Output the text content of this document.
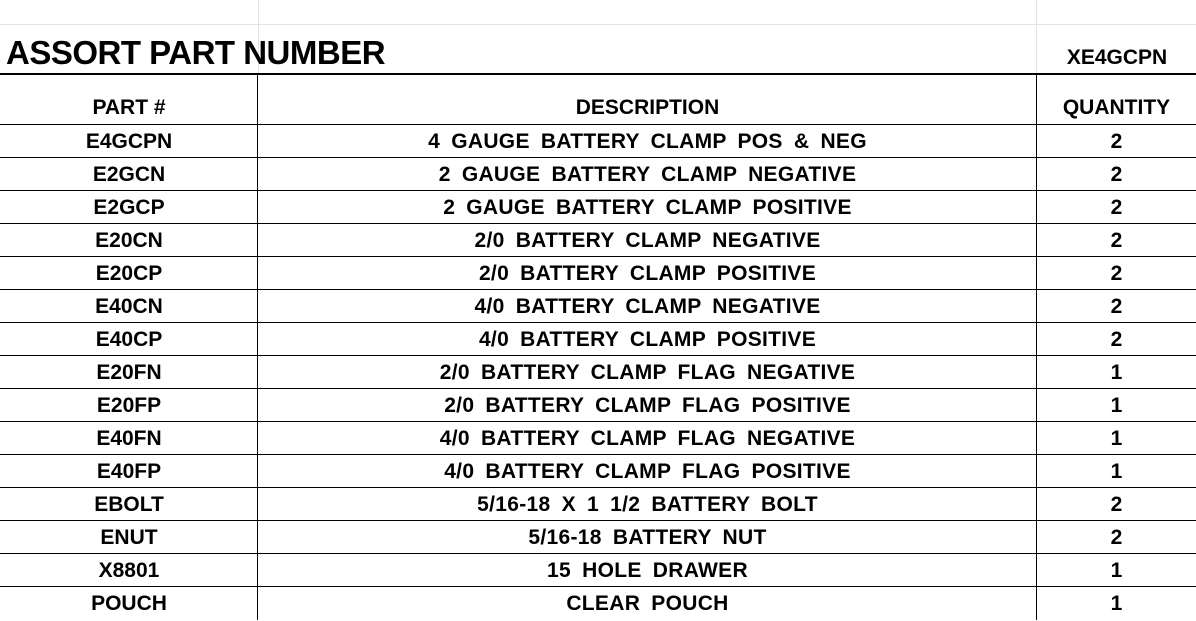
ASSORT PART NUMBER	XE4GCPN
PART #	DESCRIPTION	QUANTITY
E4GCPN	4 GAUGE BATTERY CLAMP POS & NEG	2
E2GCN	2 GAUGE BATTERY CLAMP NEGATIVE	2
E2GCP	2 GAUGE BATTERY CLAMP POSITIVE	2
E20CN	2/0 BATTERY CLAMP NEGATIVE	2
E20CP	2/0 BATTERY CLAMP POSITIVE	2
E40CN	4/0 BATTERY CLAMP NEGATIVE	2
E40CP	4/0 BATTERY CLAMP POSITIVE	2
E20FN	2/0 BATTERY CLAMP FLAG NEGATIVE	1
E20FP	2/0 BATTERY CLAMP FLAG POSITIVE	1
E40FN	4/0 BATTERY CLAMP FLAG NEGATIVE	1
E40FP	4/0 BATTERY CLAMP FLAG POSITIVE	1
EBOLT	5/16-18 X 1 1/2 BATTERY BOLT	2
ENUT	5/16-18 BATTERY NUT	2
X8801	15 HOLE DRAWER	1
POUCH	CLEAR POUCH	1
